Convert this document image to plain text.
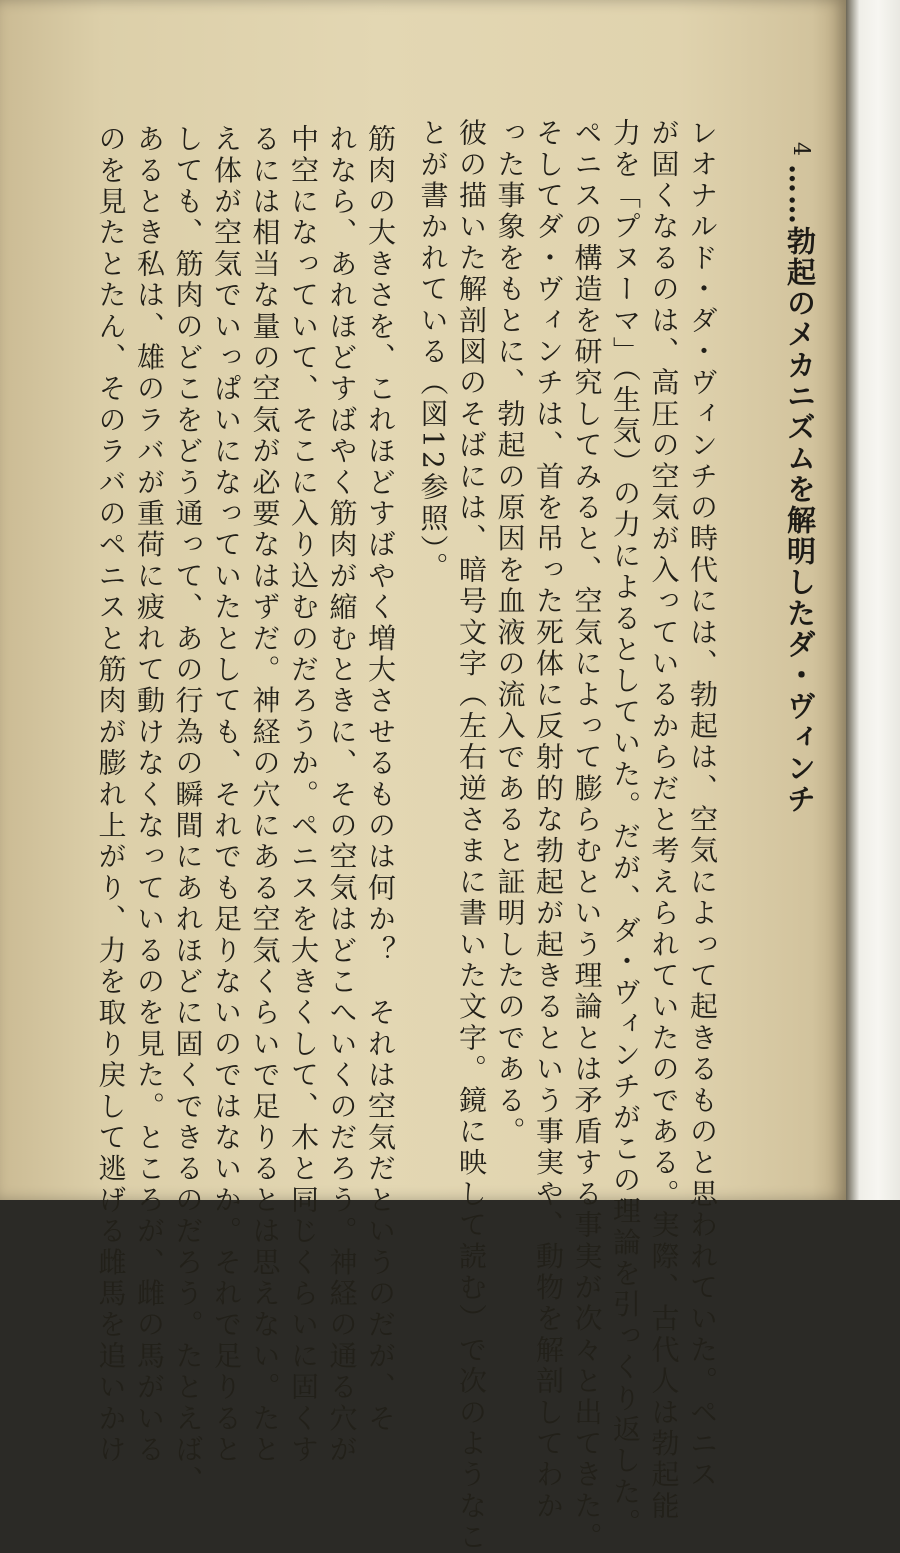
4……勃起のメカニズムを解明したダ・ヴィンチ
レオナルド・ダ・ヴィンチの時代には、勃起は、空気によって起きるものと思われていた。ペニス
が固くなるのは、高圧の空気が入っているからだと考えられていたのである。実際、古代人は勃起能
力を「プヌーマ」（生気）の力によるとしていた。だが、ダ・ヴィンチがこの理論を引っくり返した。
ペニスの構造を研究してみると、空気によって膨らむという理論とは矛盾する事実が次々と出てきた。
そしてダ・ヴィンチは、首を吊った死体に反射的な勃起が起きるという事実や、動物を解剖してわか
った事象をもとに、勃起の原因を血液の流入であると証明したのである。
彼の描いた解剖図のそばには、暗号文字（左右逆さまに書いた文字。鏡に映して読む）で次のようなこ
とが書かれている（図12参照）。
筋肉の大きさを、これほどすばやく増大させるものは何か？　それは空気だというのだが、そ
れなら、あれほどすばやく筋肉が縮むときに、その空気はどこへいくのだろう。神経の通る穴が
中空になっていて、そこに入り込むのだろうか。ペニスを大きくして、木と同じくらいに固くす
るには相当な量の空気が必要なはずだ。神経の穴にある空気くらいで足りるとは思えない。たと
え体が空気でいっぱいになっていたとしても、それでも足りないのではないか。それで足りると
しても、筋肉のどこをどう通って、あの行為の瞬間にあれほどに固くできるのだろう。たとえば、
あるとき私は、雄のラバが重荷に疲れて動けなくなっているのを見た。ところが、雌の馬がいる
のを見たとたん、そのラバのペニスと筋肉が膨れ上がり、力を取り戻して逃げる雌馬を追いかけ
